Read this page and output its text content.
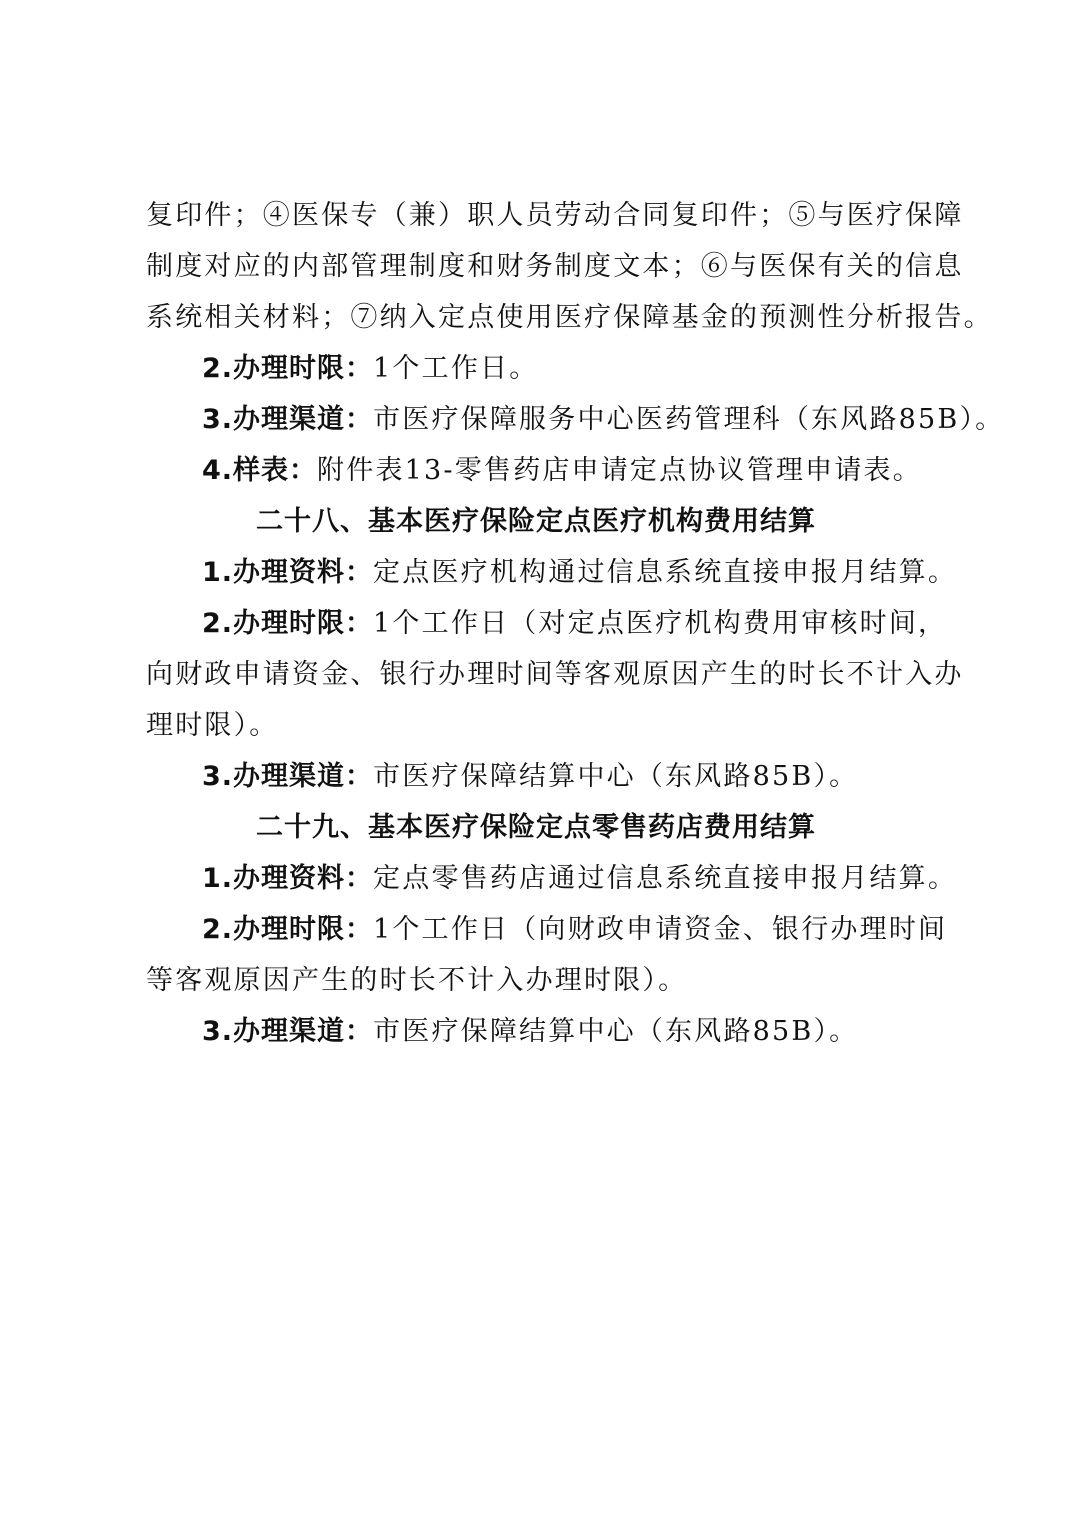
复印件；④医保专（兼）职人员劳动合同复印件；⑤与医疗保障
制度对应的内部管理制度和财务制度文本；⑥与医保有关的信息
系统相关材料；⑦纳入定点使用医疗保障基金的预测性分析报告。
2.办理时限：1个工作日。
3.办理渠道：市医疗保障服务中心医药管理科（东风路85B）。
4.样表：附件表13-零售药店申请定点协议管理申请表。
二十八、基本医疗保险定点医疗机构费用结算
1.办理资料：定点医疗机构通过信息系统直接申报月结算。
2.办理时限：1个工作日（对定点医疗机构费用审核时间，
向财政申请资金、银行办理时间等客观原因产生的时长不计入办
理时限）。
3.办理渠道：市医疗保障结算中心（东风路85B）。
二十九、基本医疗保险定点零售药店费用结算
1.办理资料：定点零售药店通过信息系统直接申报月结算。
2.办理时限：1个工作日（向财政申请资金、银行办理时间
等客观原因产生的时长不计入办理时限）。
3.办理渠道：市医疗保障结算中心（东风路85B）。
